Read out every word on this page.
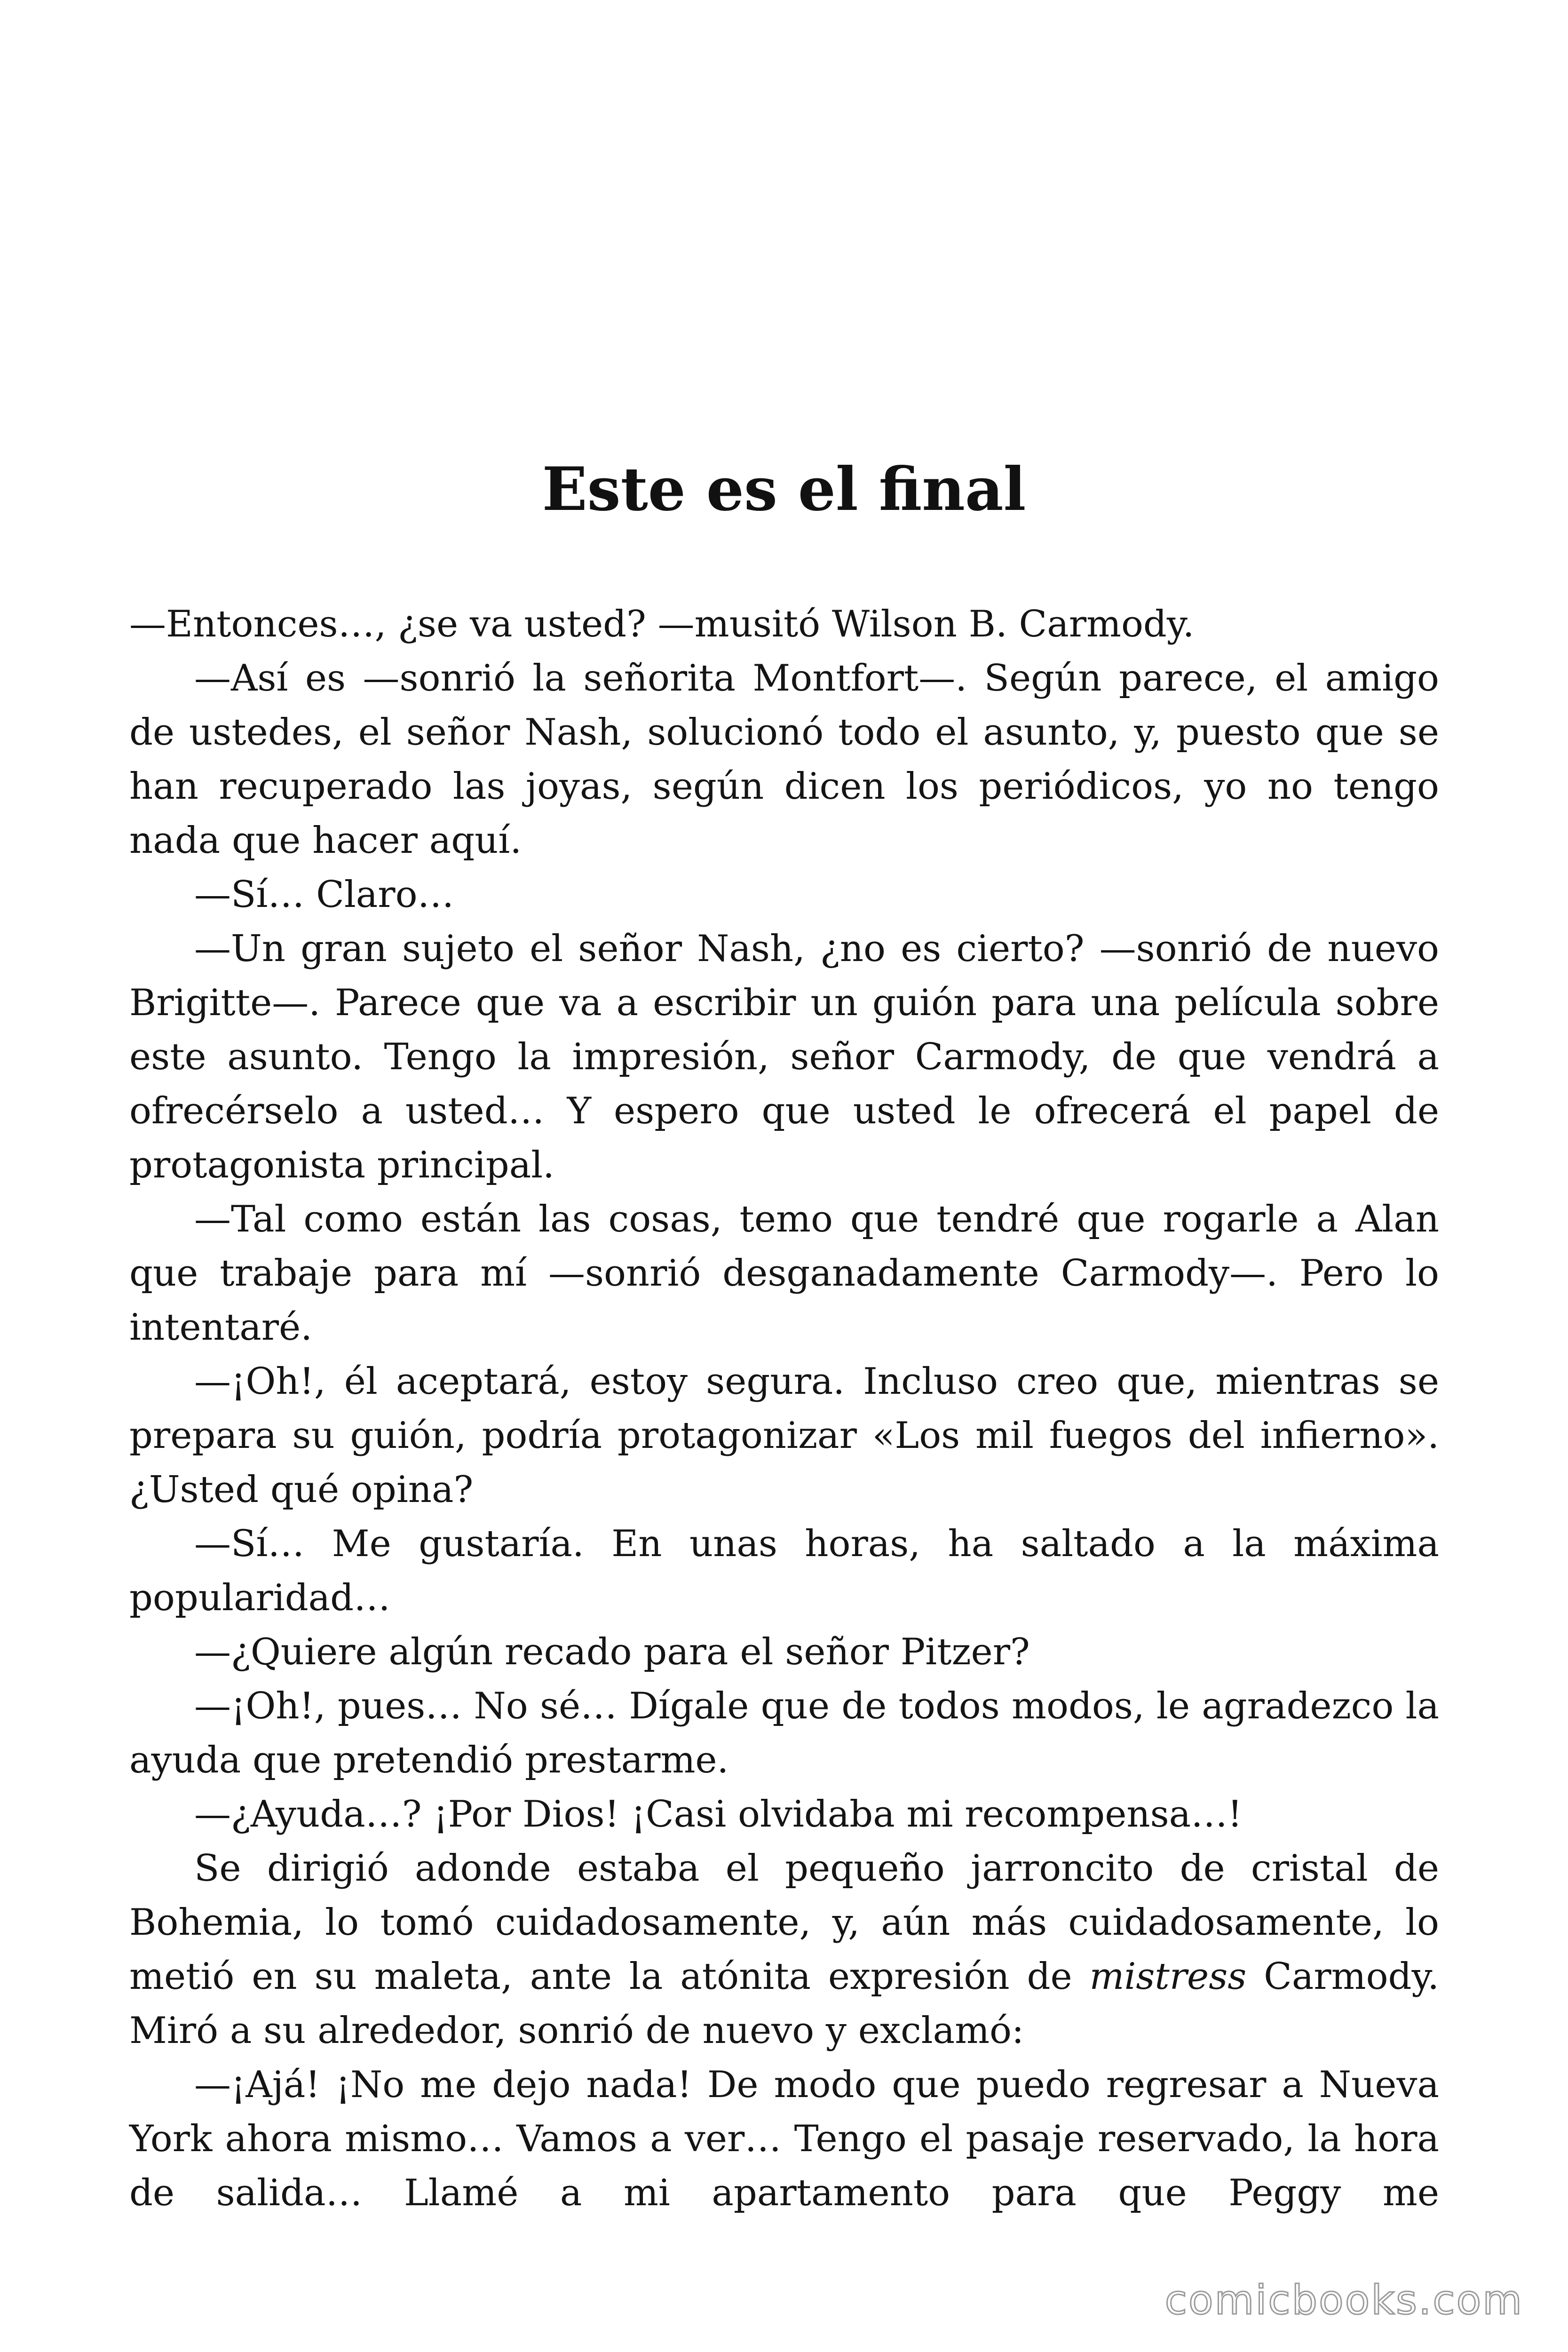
Este es el final

—Entonces…, ¿se va usted? —musitó Wilson B. Carmody.

—Así es —sonrió la señorita Montfort—. Según parece, el amigo de ustedes, el señor Nash, solucionó todo el asunto, y, puesto que se han recuperado las joyas, según dicen los periódicos, yo no tengo nada que hacer aquí.

—Sí… Claro…

—Un gran sujeto el señor Nash, ¿no es cierto? —sonrió de nuevo Brigitte—. Parece que va a escribir un guión para una película sobre este asunto. Tengo la impresión, señor Carmody, de que vendrá a ofrecérselo a usted… Y espero que usted le ofrecerá el papel de protagonista principal.

—Tal como están las cosas, temo que tendré que rogarle a Alan que trabaje para mí —sonrió desganadamente Carmody—. Pero lo intentaré.

—¡Oh!, él aceptará, estoy segura. Incluso creo que, mientras se prepara su guión, podría protagonizar «Los mil fuegos del infierno». ¿Usted qué opina?

—Sí… Me gustaría. En unas horas, ha saltado a la máxima popularidad…

—¿Quiere algún recado para el señor Pitzer?

—¡Oh!, pues… No sé… Dígale que de todos modos, le agradezco la ayuda que pretendió prestarme.

—¿Ayuda…? ¡Por Dios! ¡Casi olvidaba mi recompensa…!

Se dirigió adonde estaba el pequeño jarroncito de cristal de Bohemia, lo tomó cuidadosamente, y, aún más cuidadosamente, lo metió en su maleta, ante la atónita expresión de mistress Carmody. Miró a su alrededor, sonrió de nuevo y exclamó:

—¡Ajá! ¡No me dejo nada! De modo que puedo regresar a Nueva York ahora mismo… Vamos a ver… Tengo el pasaje reservado, la hora de salida… Llamé a mi apartamento para que Peggy me

comicbooks.com
